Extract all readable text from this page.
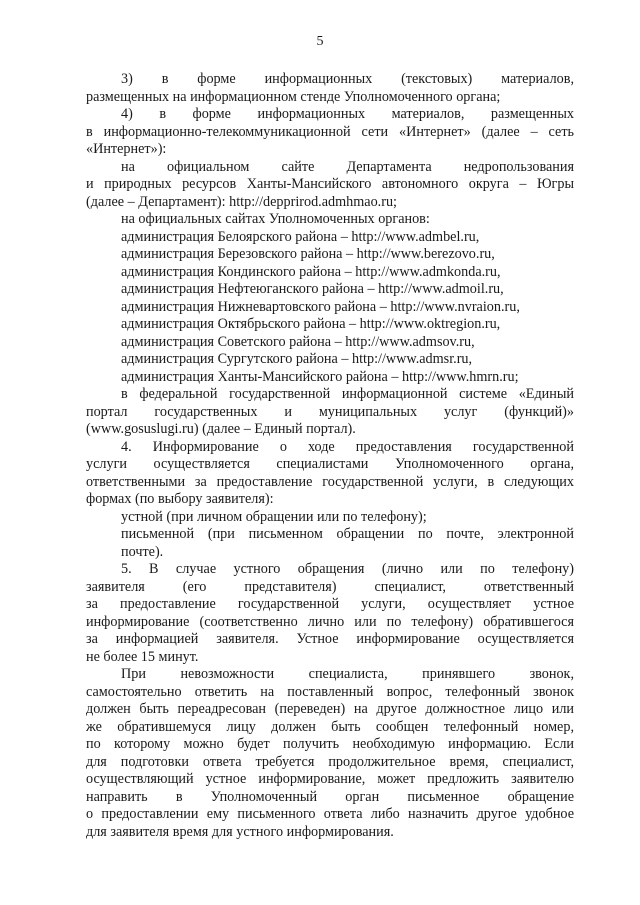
5
3) в форме информационных (текстовых) материалов,
размещенных на информационном стенде Уполномоченного органа;
4) в форме информационных материалов, размещенных
в информационно-телекоммуникационной сети «Интернет» (далее – сеть
«Интернет»):
на официальном сайте Департамента недропользования
и природных ресурсов Ханты-Мансийского автономного округа – Югры
(далее – Департамент): http://depprirod.admhmao.ru;
на официальных сайтах Уполномоченных органов:
администрация Белоярского района – http://www.admbel.ru,
администрация Березовского района – http://www.berezovo.ru,
администрация Кондинского района – http://www.admkonda.ru,
администрация Нефтеюганского района – http://www.admoil.ru,
администрация Нижневартовского района – http://www.nvraion.ru,
администрация Октябрьского района – http://www.oktregion.ru,
администрация Советского района – http://www.admsov.ru,
администрация Сургутского района – http://www.admsr.ru,
администрация Ханты-Мансийского района – http://www.hmrn.ru;
в федеральной государственной информационной системе «Единый
портал государственных и муниципальных услуг (функций)»
(www.gosuslugi.ru) (далее – Единый портал).
4. Информирование о ходе предоставления государственной
услуги осуществляется специалистами Уполномоченного органа,
ответственными за предоставление государственной услуги, в следующих
формах (по выбору заявителя):
устной (при личном обращении или по телефону);
письменной (при письменном обращении по почте, электронной
почте).
5. В случае устного обращения (лично или по телефону)
заявителя (его представителя) специалист, ответственный
за предоставление государственной услуги, осуществляет устное
информирование (соответственно лично или по телефону) обратившегося
за информацией заявителя. Устное информирование осуществляется
не более 15 минут.
При невозможности специалиста, принявшего звонок,
самостоятельно ответить на поставленный вопрос, телефонный звонок
должен быть переадресован (переведен) на другое должностное лицо или
же обратившемуся лицу должен быть сообщен телефонный номер,
по которому можно будет получить необходимую информацию. Если
для подготовки ответа требуется продолжительное время, специалист,
осуществляющий устное информирование, может предложить заявителю
направить в Уполномоченный орган письменное обращение
о предоставлении ему письменного ответа либо назначить другое удобное
для заявителя время для устного информирования.
